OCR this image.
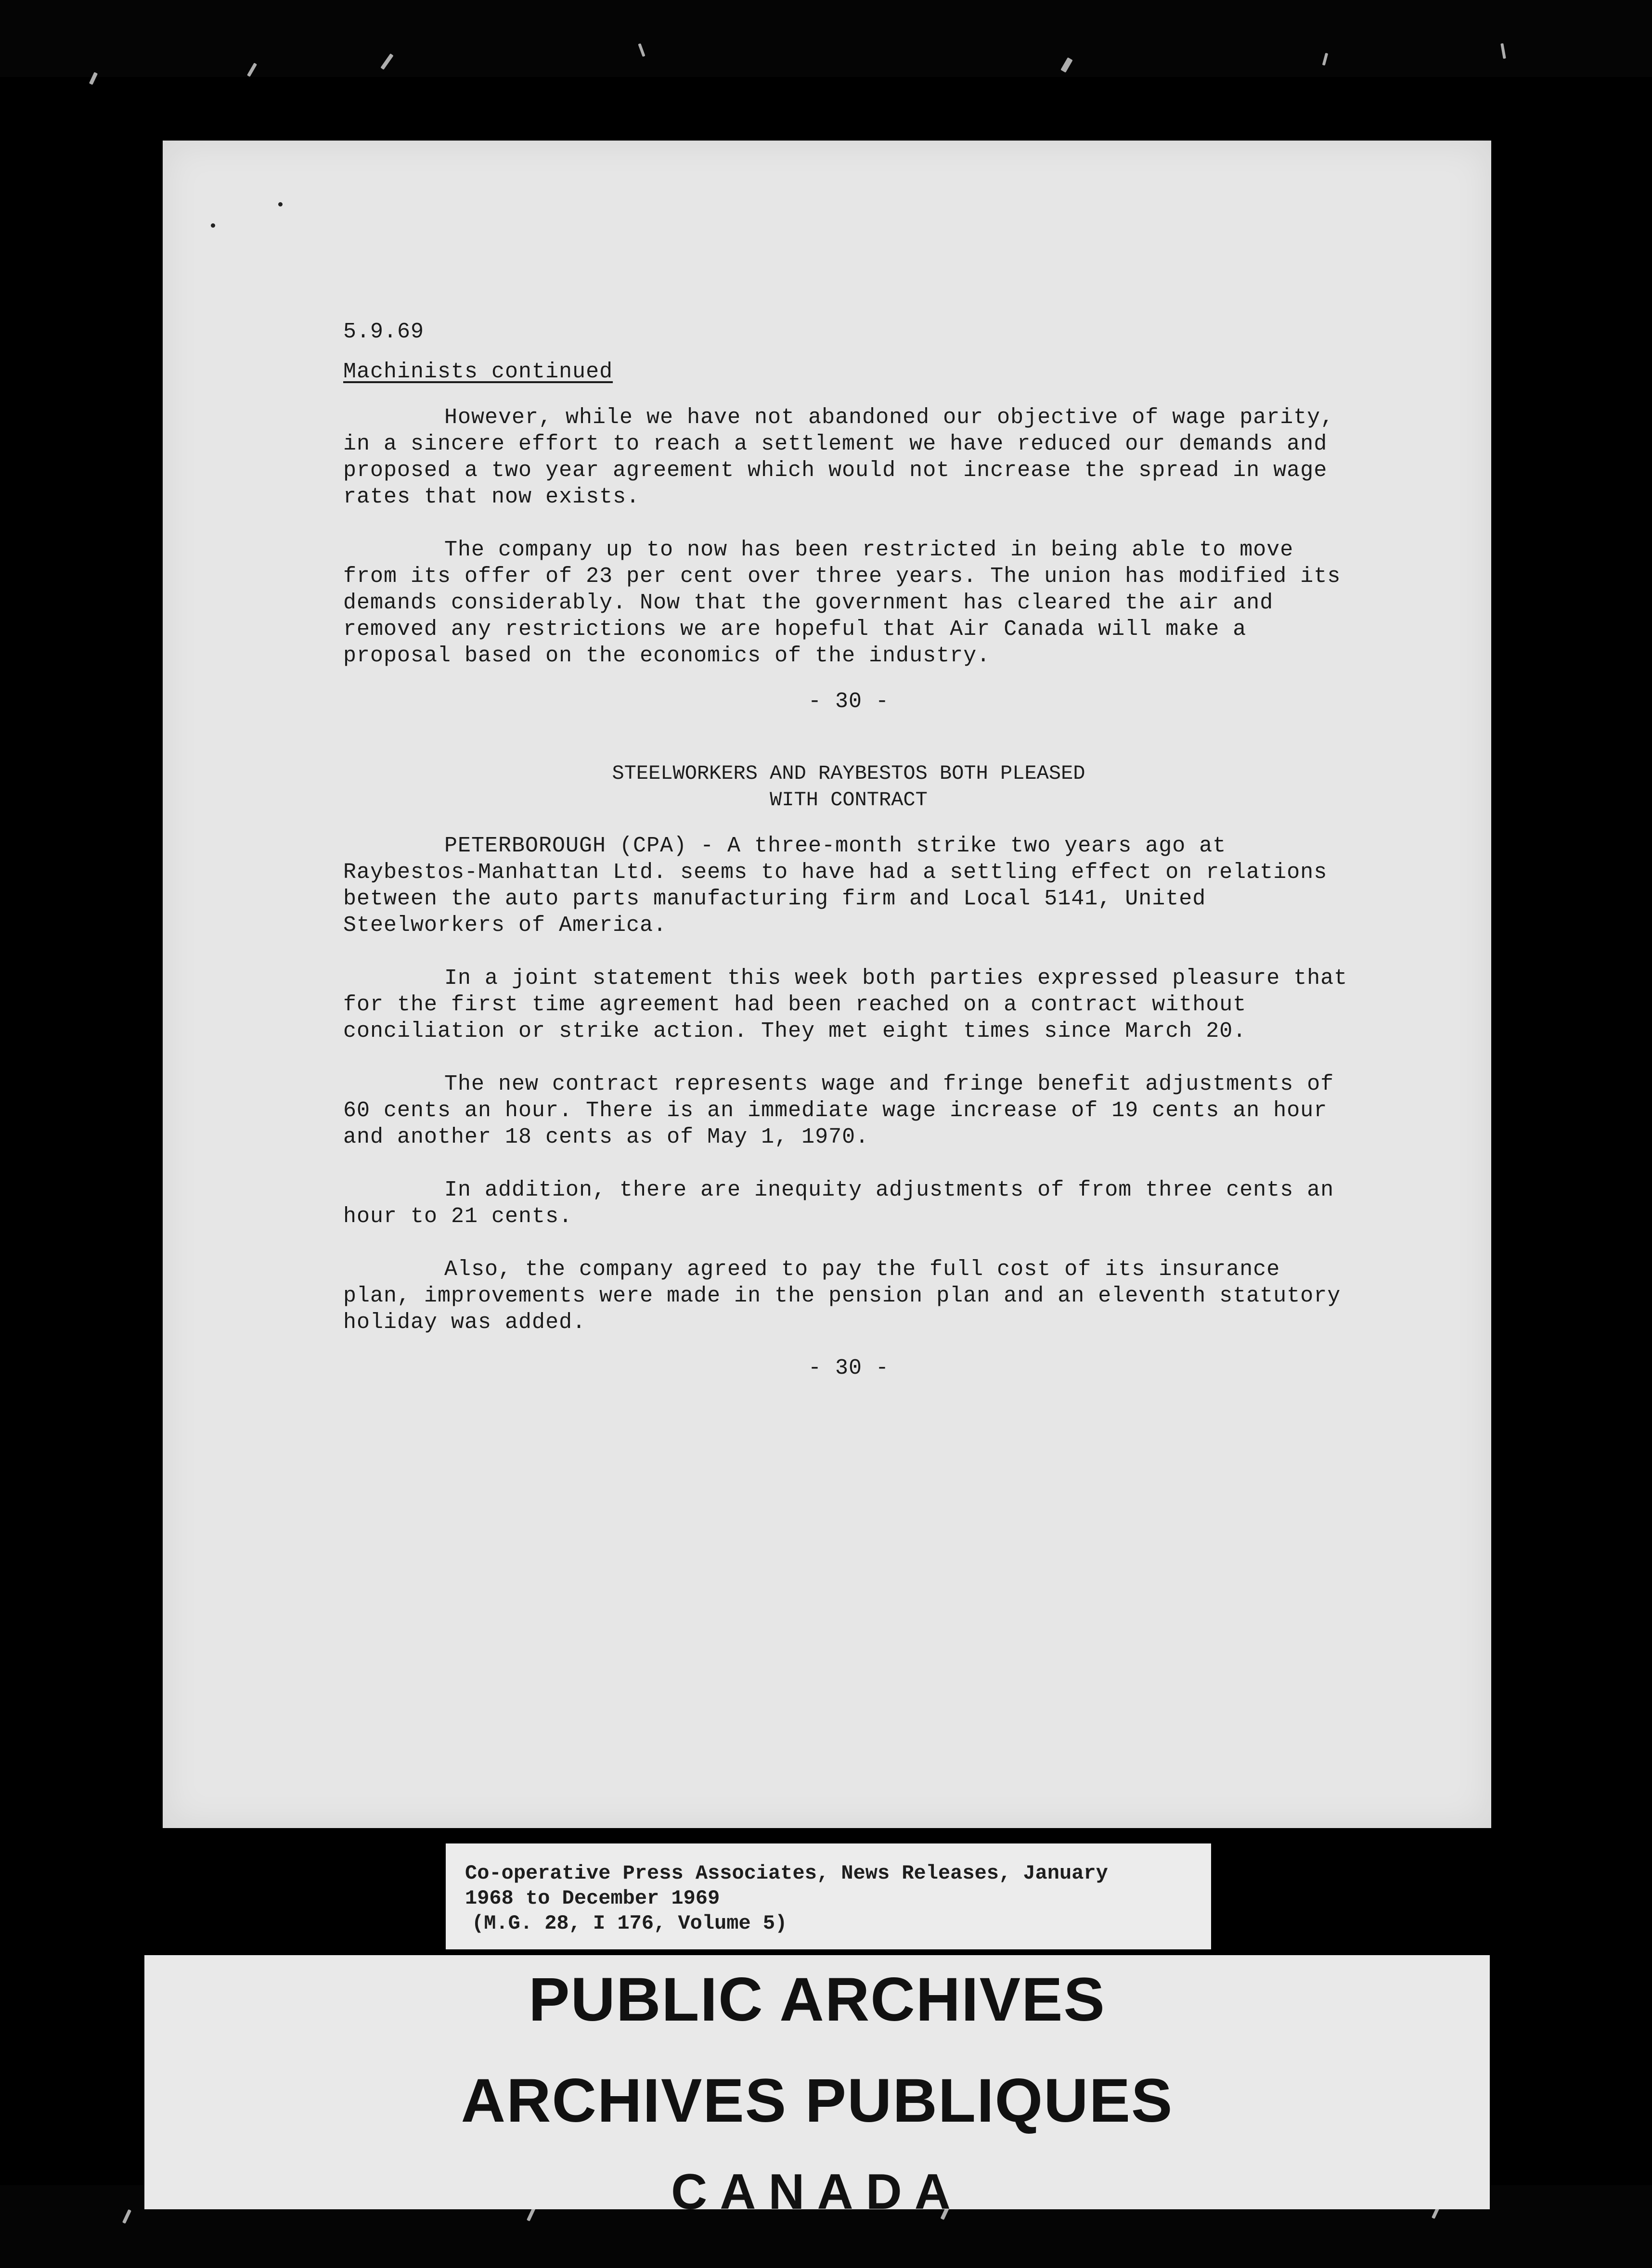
5.9.69
Machinists continued

However, while we have not abandoned our objective of wage parity, in a sincere effort to reach a settlement we have reduced our demands and proposed a two year agreement which would not increase the spread in wage rates that now exists.

The company up to now has been restricted in being able to move from its offer of 23 per cent over three years. The union has modified its demands considerably. Now that the government has cleared the air and removed any restrictions we are hopeful that Air Canada will make a proposal based on the economics of the industry.

- 30 -
STEELWORKERS AND RAYBESTOS BOTH PLEASED
WITH CONTRACT

PETERBOROUGH (CPA) - A three-month strike two years ago at Raybestos-Manhattan Ltd. seems to have had a settling effect on relations between the auto parts manufacturing firm and Local 5141, United Steelworkers of America.

In a joint statement this week both parties expressed pleasure that for the first time agreement had been reached on a contract without conciliation or strike action. They met eight times since March 20.

The new contract represents wage and fringe benefit adjustments of 60 cents an hour. There is an immediate wage increase of 19 cents an hour and another 18 cents as of May 1, 1970.

In addition, there are inequity adjustments of from three cents an hour to 21 cents.

Also, the company agreed to pay the full cost of its insurance plan, improvements were made in the pension plan and an eleventh statutory holiday was added.

- 30 -
Co-operative Press Associates, News Releases, January
1968 to December 1969
(M.G. 28, I 176, Volume 5)
PUBLIC ARCHIVES
ARCHIVES PUBLIQUES
CANADA
